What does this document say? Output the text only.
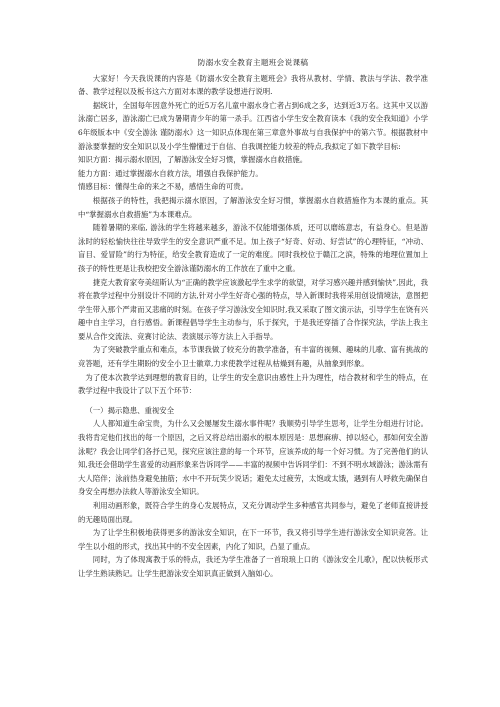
防溺水安全教育主题班会说课稿

大家好！今天我说课的内容是《防溺水安全教育主题班会》我将从教材、学情、教法与学法、教学准备、教学过程以及板书这六方面对本课的教学设想进行说明.

据统计，全国每年因意外死亡的近5万名儿童中溺水身亡者占到6成之多，达到近3万名。这其中又以游泳溺亡居多，游泳溺亡已成为暑期青少年的第一杀手。江西省小学生安全教育读本《我的安全我知道》小学6年级版本中《安全游泳 谨防溺水》这一知识点体现在第三章意外事故与自我保护中的第六节。根据教材中游泳要掌握的安全知识以及小学生懵懂过于自信、自我调控能力较差的特点,我拟定了如下教学目标:

知识方面：揭示溺水原因，了解游泳安全好习惯，掌握溺水自救措施。

能力方面：通过掌握溺水自救方法，增强自我保护能力。

情感目标：懂得生命的来之不易，感悟生命的可贵。

根据孩子的特性，我把揭示溺水原因，了解游泳安全好习惯，掌握溺水自救措施作为本课的重点。其中“掌握溺水自救措施”为本课难点。

随着暑期的来临, 游泳的学生将越来越多，游泳不仅能增强体质，还可以磨练意志，有益身心。但是游泳时的轻松愉快往往导致学生的安全意识严重不足。加上孩子“好奇、好动、好尝试”的心理特征，“冲动、盲目、爱冒险”的行为特征，给安全教育造成了一定的难度。同时我校位于赣江之滨，特殊的地理位置加上孩子的特性更是让我校把安全游泳谨防溺水的工作放在了重中之重。

捷克大教育家夸美纽斯认为“正确的教学应该激起学生求学的欲望，对学习感兴趣并感到愉快”,因此，我将在教学过程中分别设计不同的方法,针对小学生好奇心强的特点，导入新课时我将采用创设情境法，意图把学生带入那个严肃而又悲痛的时刻。在孩子学习游泳安全知识时,我又采取了图文演示法，引导学生在饶有兴趣中自主学习，自行感悟。新课程倡导学生主动参与，乐于探究，于是我还穿插了合作探究法，学法上我主要从合作交流法、竞赛讨论法、表演展示等方法上入手指导。

为了突破教学重点和难点，本节课我做了较充分的教学准备，有丰富的视频、趣味的儿歌、富有挑战的竞答题，还有学生期盼的安全小卫士徽章,力求使教学过程从枯燥到有趣，从抽象到形象。

为了使本次教学达到理想的教育目的，让学生的安全意识由感性上升为理性，结合教材和学生的特点，在教学过程中我设计了以下五个环节：

（一）揭示隐患、重视安全

人人都知道生命宝贵，为什么又会屡屡发生溺水事件呢？我顺势引导学生思考，让学生分组进行讨论。我将肯定他们找出的每一个原因，之后又将总结出溺水的根本原因是：思想麻痹、掉以轻心，那如何安全游泳呢？我会让同学们各抒己见，探究应该注意的每一个环节，应该养成的每一个好习惯。为了完善他们的认知,我还会借助学生喜爱的动画形象来告诉同学——丰富的视频中告诉同学们：不到不明水域游泳；游泳需有大人陪伴；泳前热身避免抽筋；水中不开玩笑少说话；避免太过疲劳，太饱或太饿，遇到有人呼救先确保自身安全再想办法救人等游泳安全知识。

利用动画形象，既符合学生的身心发展特点，又充分调动学生多种感官共同参与，避免了老师直接讲授的无趣局面出现。

为了让学生积极地获得更多的游泳安全知识，在下一环节，我又将引导学生进行游泳安全知识竞答。让学生以小组的形式，找出其中的不安全因素，内化了知识，凸显了重点。

同时，为了体现寓教于乐的特点，我还为学生准备了一首琅琅上口的《游泳安全儿歌》，配以快板形式让学生熟读熟记。让学生把游泳安全知识真正做到入脑如心。
